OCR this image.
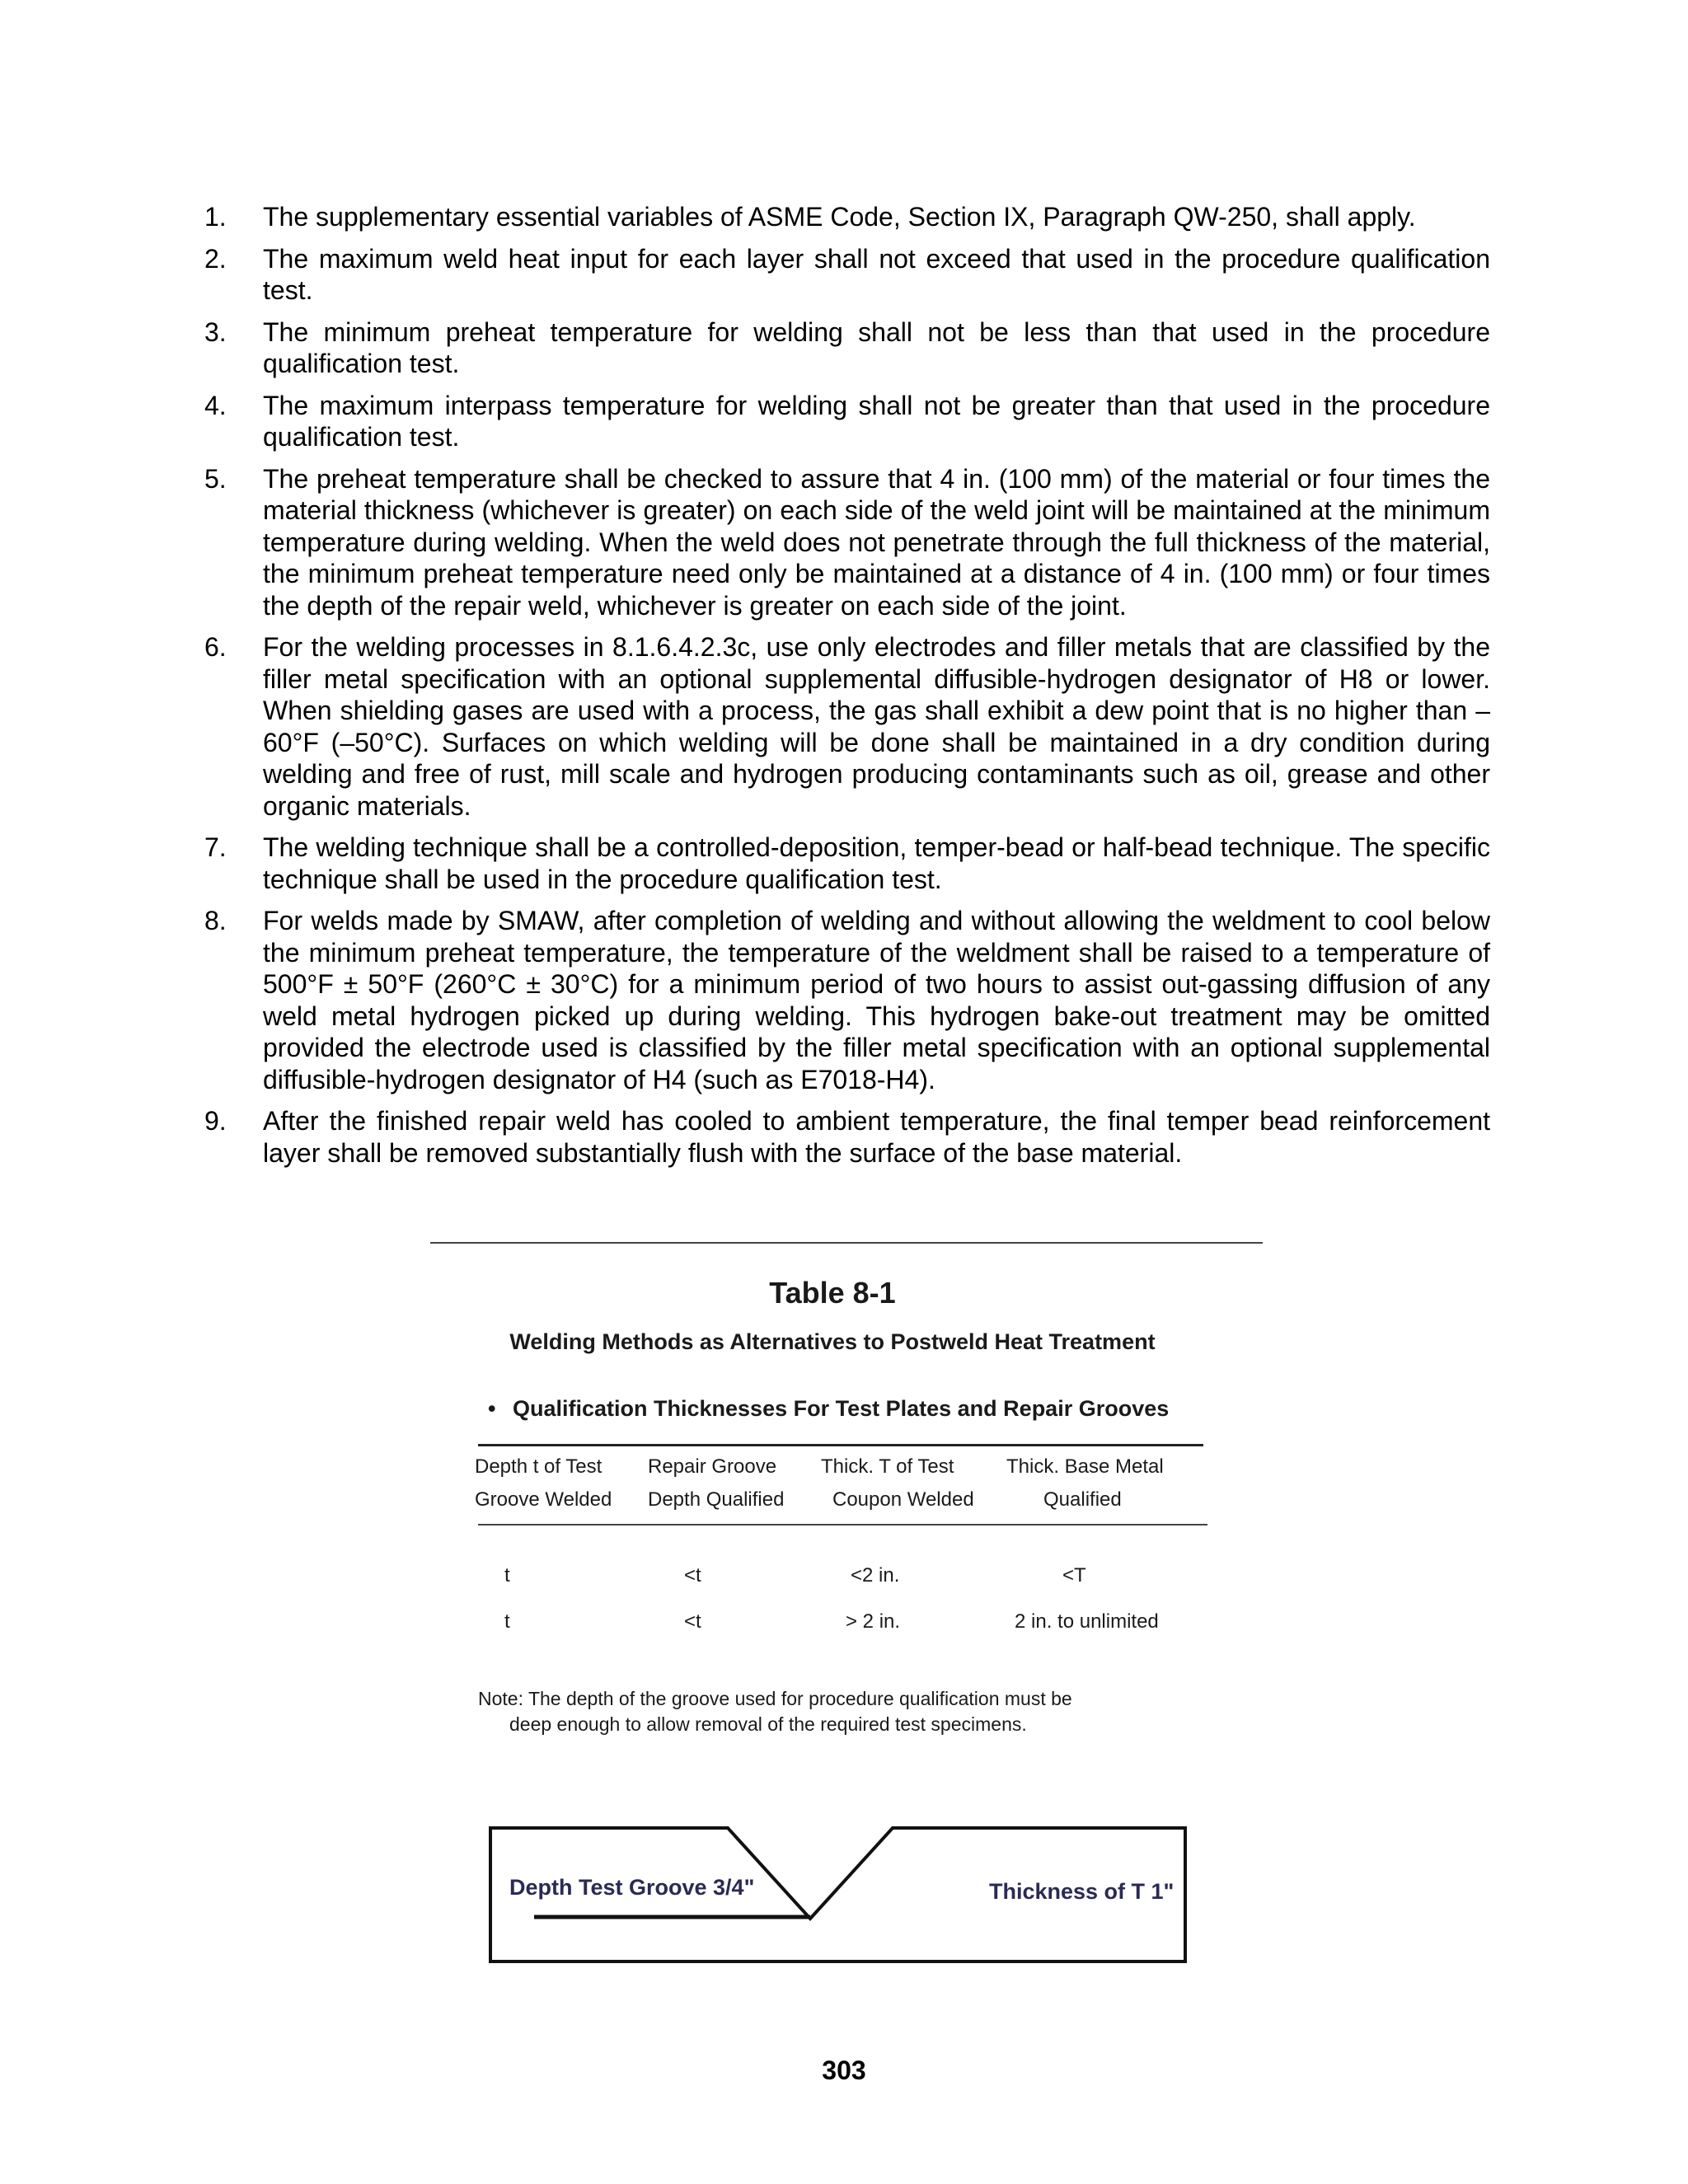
1.	The supplementary essential variables of ASME Code, Section IX, Paragraph QW-250, shall apply.
2.	The maximum weld heat input for each layer shall not exceed that used in the procedure qualification test.
3.	The minimum preheat temperature for welding shall not be less than that used in the procedure qualification test.
4.	The maximum interpass temperature for welding shall not be greater than that used in the procedure qualification test.
5.	The preheat temperature shall be checked to assure that 4 in. (100 mm) of the material or four times the material thickness (whichever is greater) on each side of the weld joint will be maintained at the minimum temperature during welding. When the weld does not penetrate through the full thickness of the material, the minimum preheat temperature need only be maintained at a distance of 4 in. (100 mm) or four times the depth of the repair weld, whichever is greater on each side of the joint.
6.	For the welding processes in 8.1.6.4.2.3c, use only electrodes and filler metals that are classified by the filler metal specification with an optional supplemental diffusible-hydrogen designator of H8 or lower. When shielding gases are used with a process, the gas shall exhibit a dew point that is no higher than –60°F (–50°C). Surfaces on which welding will be done shall be maintained in a dry condition during welding and free of rust, mill scale and hydrogen producing contaminants such as oil, grease and other organic materials.
7.	The welding technique shall be a controlled-deposition, temper-bead or half-bead technique. The specific technique shall be used in the procedure qualification test.
8.	For welds made by SMAW, after completion of welding and without allowing the weldment to cool below the minimum preheat temperature, the temperature of the weldment shall be raised to a temperature of 500°F ± 50°F (260°C ± 30°C) for a minimum period of two hours to assist out-gassing diffusion of any weld metal hydrogen picked up during welding. This hydrogen bake-out treatment may be omitted provided the electrode used is classified by the filler metal specification with an optional supplemental diffusible-hydrogen designator of H4 (such as E7018-H4).
9.	After the finished repair weld has cooled to ambient temperature, the final temper bead reinforcement layer shall be removed substantially flush with the surface of the base material.
Table 8-1
Welding Methods as Alternatives to Postweld Heat Treatment
• Qualification Thicknesses For Test Plates and Repair Grooves
Depth t of Test	Repair Groove	Thick. T of Test	Thick. Base Metal
Groove Welded	Depth Qualified	Coupon Welded	Qualified

t	<t	<2 in.	<T
t	<t	> 2 in.	2 in. to unlimited
Note: The depth of the groove used for procedure qualification must be
deep enough to allow removal of the required test specimens.
Depth Test Groove 3/4"	Thickness of T 1"
303
